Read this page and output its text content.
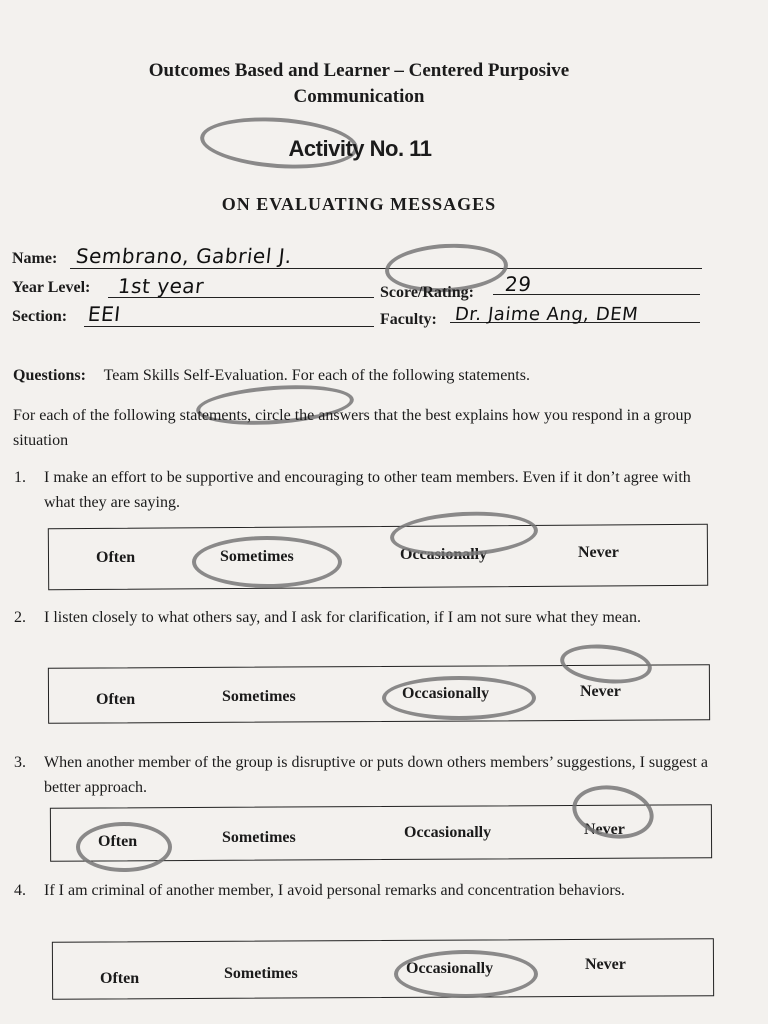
Outcomes Based and Learner – Centered Purposive
Communication
Activity No. 11
ON EVALUATING MESSAGES
Name: Sembrano, Gabriel J.
Year Level: 1st year	Score/Rating: 29
Section: EEI	Faculty: Dr. Jaime Ang, DEM
Questions: Team Skills Self-Evaluation. For each of the following statements.
For each of the following statements, circle the answers that the best explains how you respond in a group situation
1. I make an effort to be supportive and encouraging to other team members. Even if it don’t agree with what they are saying.
Often	Sometimes	Occasionally	Never
2. I listen closely to what others say, and I ask for clarification, if I am not sure what they mean.
Often	Sometimes	Occasionally	Never
3. When another member of the group is disruptive or puts down others members’ suggestions, I suggest a better approach.
Often	Sometimes	Occasionally	Never
4. If I am criminal of another member, I avoid personal remarks and concentration behaviors.
Often	Sometimes	Occasionally	Never
